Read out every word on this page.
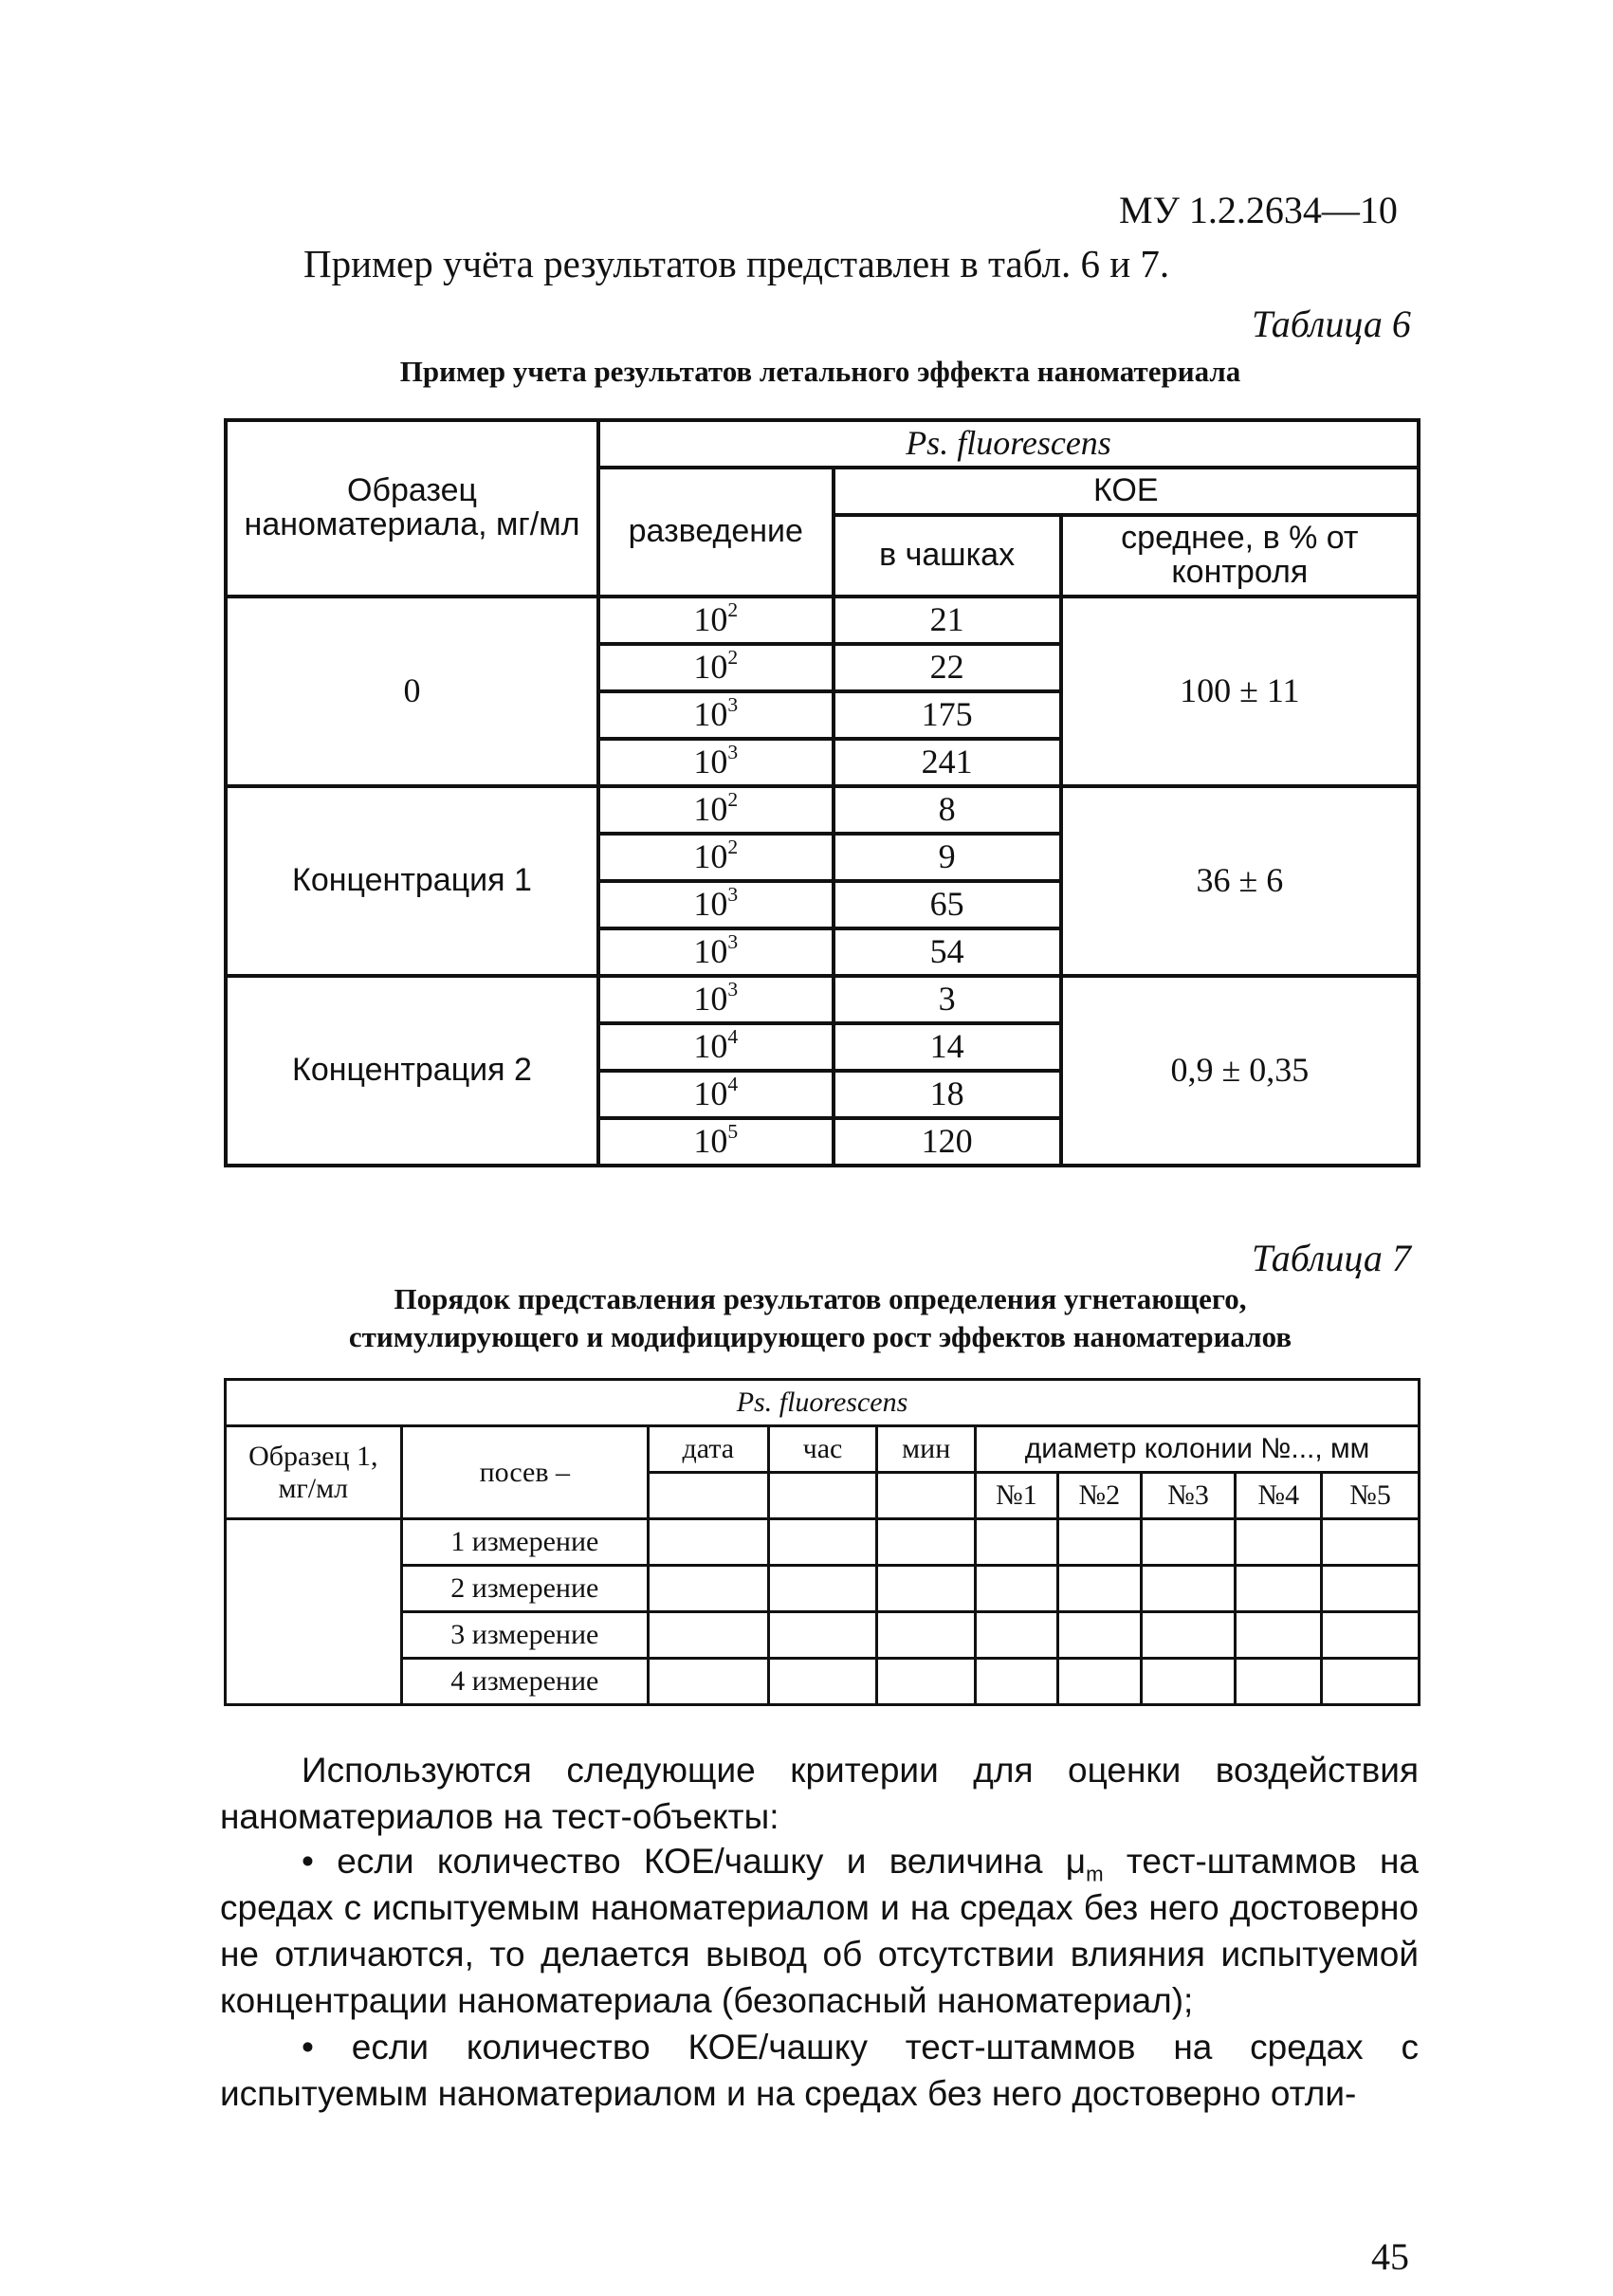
МУ 1.2.2634—10
Пример учёта результатов представлен в табл. 6 и 7.
Таблица 6
Пример учета результатов летального эффекта наноматериала
Образец наноматериала, мг/мл	Ps. fluorescens		
	разведение	КОЕ	
		в чашках	среднее, в % от контроля
0	$10^2$	21	100 ± 11
	$10^2$	22	
	$10^3$	175	
	$10^3$	241	
Концентрация 1	$10^2$	8	36 ± 6
	$10^2$	9	
	$10^3$	65	
	$10^3$	54	
Концентрация 2	$10^3$	3	0,9 ± 0,35
	$10^4$	14	
	$10^4$	18	
	$10^5$	120	
Таблица 7
Порядок представления результатов определения угнетающего,
стимулирующего и модифицирующего рост эффектов наноматериалов
Ps. fluorescens									
Образец 1, мг/мл	посев –	дата	час	мин	диаметр колонии №..., мм				
					№1	№2	№3	№4	№5
	1 измерение								
	2 измерение								
	3 измерение								
	4 измерение								
Используются следующие критерии для оценки воздействия наноматериалов на тест-объекты:
• если количество КОЕ/чашку и величина $\mu_m$ тест-штаммов на средах с испытуемым наноматериалом и на средах без него достоверно не отличаются, то делается вывод об отсутствии влияния испытуемой концентрации наноматериала (безопасный наноматериал);
• если количество КОЕ/чашку тест-штаммов на средах с испытуемым наноматериалом и на средах без него достоверно отли-
45
